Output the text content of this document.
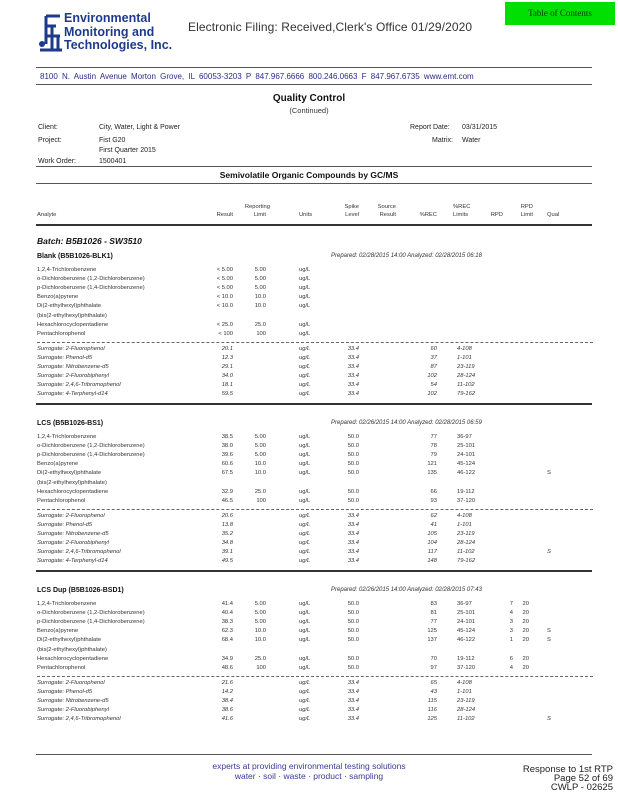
Environmental
Monitoring and
Technologies, Inc.
Electronic Filing: Received,Clerk's Office 01/29/2020
Table of Contents
8100 N. Austin Avenue Morton Grove, IL 60053-3203 P 847.967.6666 800.246.0663 F 847.967.6735 www.emt.com
Quality Control
(Continued)
Client:	City, Water, Light & Power
Project:	Fist G20
First Quarter 2015
Work Order:	1500401
Report Date: 03/31/2015
Matrix: Water
Semivolatile Organic Compounds by GC/MS
Analyte	Result
Reporting
Limit	Units
Spike
Level
Source
Result	%REC
%REC
Limits	RPD
RPD
Limit Qual
Batch: B5B1026 - SW3510
Blank (B5B1026-BLK1)	Prepared: 02/28/2015 14:00 Analyzed: 02/28/2015 06:18
1,2,4-Trichlorobenzene	< 5.00	5.00	ug/L
o-Dichlorobenzene (1,2-Dichlorobenzene)	< 5.00	5.00	ug/L
p-Dichlorobenzene (1,4-Dichlorobenzene)	< 5.00	5.00	ug/L
Benzo(a)pyrene	< 10.0	10.0	ug/L
Di(2-ethylhexyl)phthalate	< 10.0	10.0	ug/L
(bis(2-ethylhexyl)phthalate)
Hexachlorocyclopentadiene	< 25.0	25.0	ug/L
Pentachlorophenol	< 100	100	ug/L
Surrogate: 2-Fluorophenol	20.1	ug/L	33.4	60	4-108
Surrogate: Phenol-d5	12.3	ug/L	33.4	37	1-101
Surrogate: Nitrobenzene-d5	29.1	ug/L	33.4	87	23-119
Surrogate: 2-Fluorobiphenyl	34.0	ug/L	33.4	102	28-124
Surrogate: 2,4,6-Tribromophenol	18.1	ug/L	33.4	54	11-102
Surrogate: 4-Terphenyl-d14	59.5	ug/L	33.4	102	79-162
LCS (B5B1026-BS1)	Prepared: 02/26/2015 14:00 Analyzed: 02/28/2015 06:59
1,2,4-Trichlorobenzene	38.5	5.00	ug/L	50.0	77	36-97
o-Dichlorobenzene (1,2-Dichlorobenzene)	38.0	5.00	ug/L	50.0	78	25-101
p-Dichlorobenzene (1,4-Dichlorobenzene)	39.6	5.00	ug/L	50.0	79	24-101
Benzo(a)pyrene	60.6	10.0	ug/L	50.0	121	45-124
Di(2-ethylhexyl)phthalate	67.5	10.0	ug/L	50.0	135	46-122	S
(bis(2-ethylhexyl)phthalate)
Hexachlorocyclopentadiene	32.9	25.0	ug/L	50.0	66	19-112
Pentachlorophenol	46.5	100	ug/L	50.0	93	37-120
Surrogate: 2-Fluorophenol	20.6	ug/L	33.4	62	4-108
Surrogate: Phenol-d5	13.8	ug/L	33.4	41	1-101
Surrogate: Nitrobenzene-d5	35.2	ug/L	33.4	105	23-119
Surrogate: 2-Fluorobiphenyl	34.8	ug/L	33.4	104	28-124
Surrogate: 2,4,6-Tribromophenol	39.1	ug/L	33.4	117	11-102	S
Surrogate: 4-Terphenyl-d14	49.5	ug/L	33.4	148	79-162
LCS Dup (B5B1026-BSD1)	Prepared: 02/26/2015 14:00 Analyzed: 02/28/2015 07:43
1,2,4-Trichlorobenzene	41.4	5.00	ug/L	50.0	83	36-97	7	20
o-Dichlorobenzene (1,2-Dichlorobenzene)	40.4	5.00	ug/L	50.0	81	25-101	4	20
p-Dichlorobenzene (1,4-Dichlorobenzene)	38.3	5.00	ug/L	50.0	77	24-101	3	20
Benzo(a)pyrene	62.3	10.0	ug/L	50.0	125	45-124	3	20	S
Di(2-ethylhexyl)phthalate	68.4	10.0	ug/L	50.0	137	46-122	1	20	S
(bis(2-ethylhexyl)phthalate)
Hexachlorocyclopentadiene	34.9	25.0	ug/L	50.0	70	19-112	6	20
Pentachlorophenol	48.6	100	ug/L	50.0	97	37-120	4	20
Surrogate: 2-Fluorophenol	21.6	ug/L	33.4	65	4-108
Surrogate: Phenol-d5	14.2	ug/L	33.4	43	1-101
Surrogate: Nitrobenzene-d5	38.4	ug/L	33.4	115	23-119
Surrogate: 2-Fluorobiphenyl	38.6	ug/L	33.4	116	28-124
Surrogate: 2,4,6-Tribromophenol	41.6	ug/L	33.4	125	11-102	S
experts at providing environmental testing solutions
water · soil · waste · product · sampling
Response to 1st RTP
Page 52 of 69
CWLP - 02625
